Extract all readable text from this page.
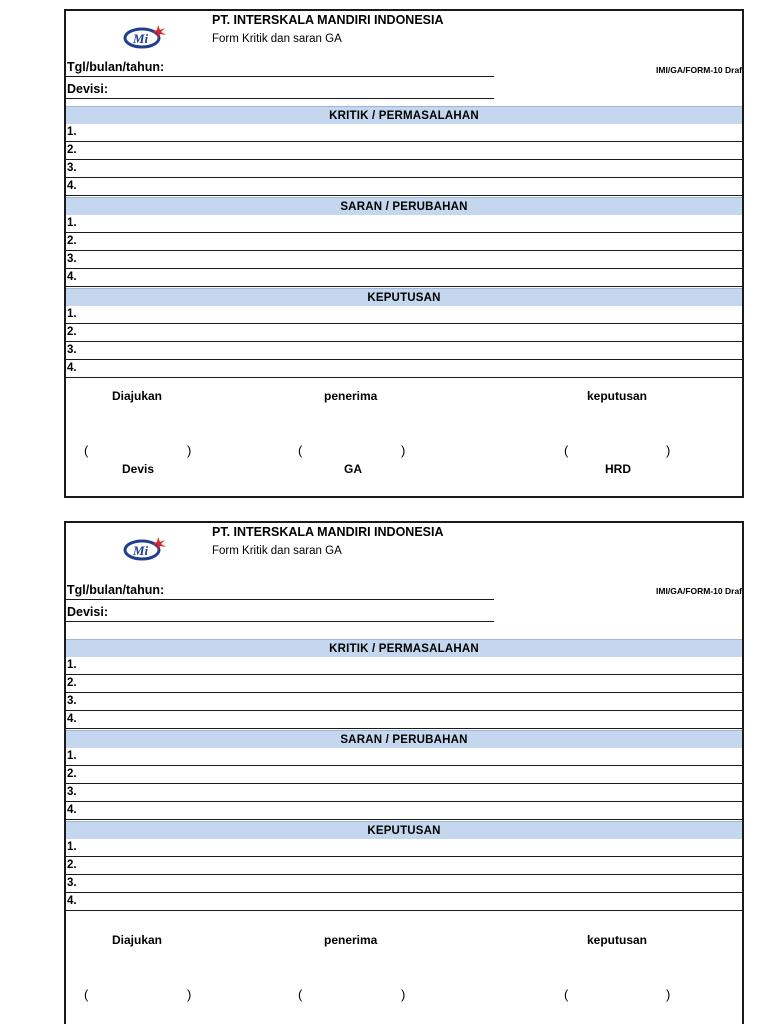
Mi
PT. INTERSKALA MANDIRI INDONESIA
Form Kritik dan saran GA
IMI/GA/FORM-10 Draf
Tgl/bulan/tahun:
Devisi:
KRITIK / PERMASALAHAN
1.
2.
3.
4.
SARAN / PERUBAHAN
1.
2.
3.
4.
KEPUTUSAN
1.
2.
3.
4.
Diajukan	penerima	keputusan
(	)	(	)	(	)
Devis	GA	HRD
Mi
PT. INTERSKALA MANDIRI INDONESIA
Form Kritik dan saran GA
IMI/GA/FORM-10 Draf
Tgl/bulan/tahun:
Devisi:
KRITIK / PERMASALAHAN
1.
2.
3.
4.
SARAN / PERUBAHAN
1.
2.
3.
4.
KEPUTUSAN
1.
2.
3.
4.
Diajukan	penerima	keputusan
(	)	(	)	(	)
